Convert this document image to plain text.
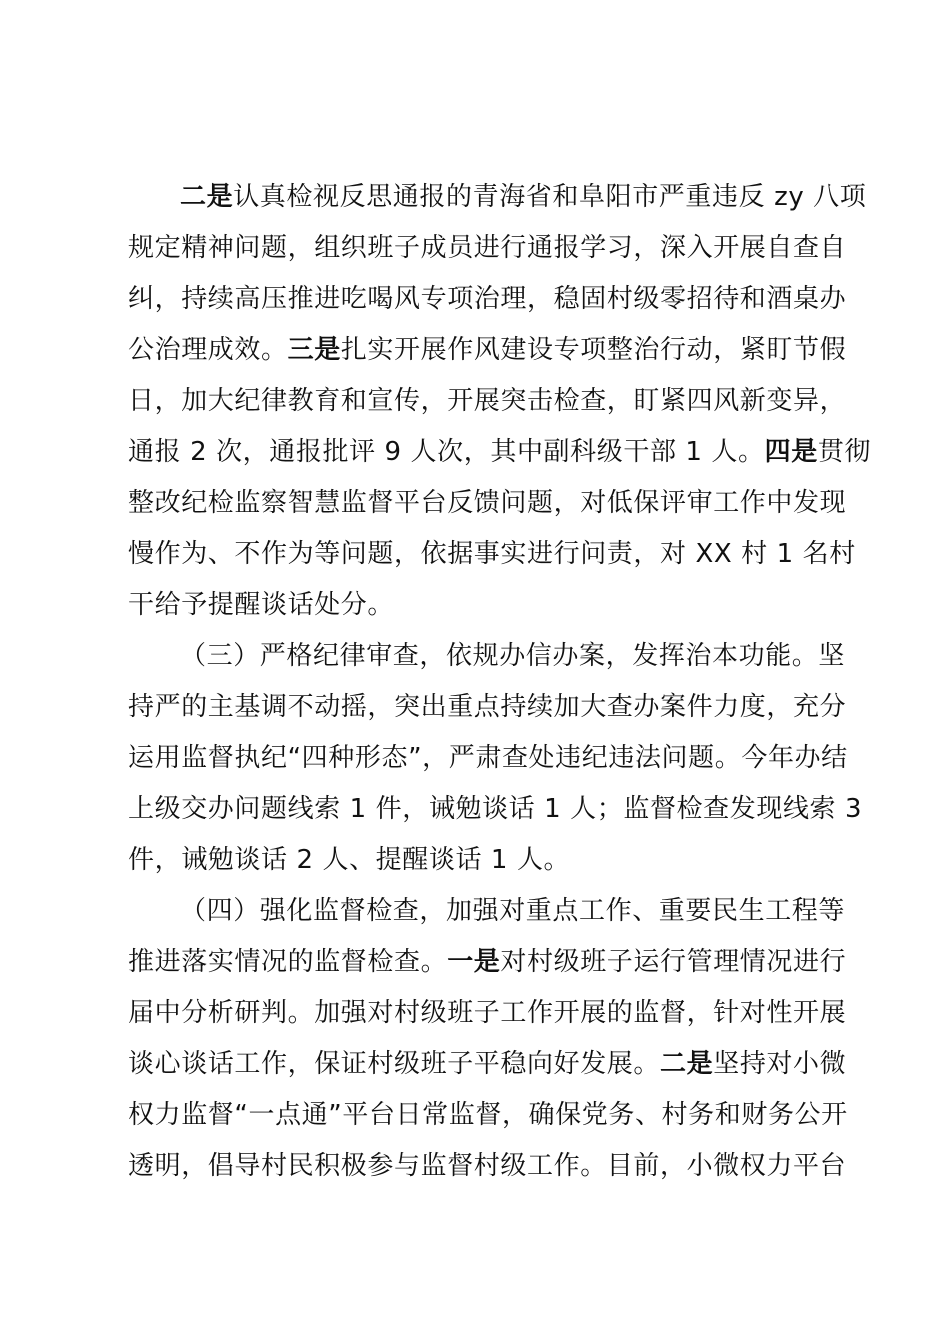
二是认真检视反思通报的青海省和阜阳市严重违反 zy 八项
规定精神问题，组织班子成员进行通报学习，深入开展自查自
纠，持续高压推进吃喝风专项治理，稳固村级零招待和酒桌办
公治理成效。三是扎实开展作风建设专项整治行动，紧盯节假
日，加大纪律教育和宣传，开展突击检查，盯紧四风新变异，
通报 2 次，通报批评 9 人次，其中副科级干部 1 人。四是贯彻
整改纪检监察智慧监督平台反馈问题，对低保评审工作中发现
慢作为、不作为等问题，依据事实进行问责，对 XX 村 1 名村
干给予提醒谈话处分。
（三）严格纪律审查，依规办信办案，发挥治本功能。坚
持严的主基调不动摇，突出重点持续加大查办案件力度，充分
运用监督执纪“四种形态”，严肃查处违纪违法问题。今年办结
上级交办问题线索 1 件，诫勉谈话 1 人；监督检查发现线索 3
件，诫勉谈话 2 人、提醒谈话 1 人。
（四）强化监督检查，加强对重点工作、重要民生工程等
推进落实情况的监督检查。一是对村级班子运行管理情况进行
届中分析研判。加强对村级班子工作开展的监督，针对性开展
谈心谈话工作，保证村级班子平稳向好发展。二是坚持对小微
权力监督“一点通”平台日常监督，确保党务、村务和财务公开
透明，倡导村民积极参与监督村级工作。目前，小微权力平台
